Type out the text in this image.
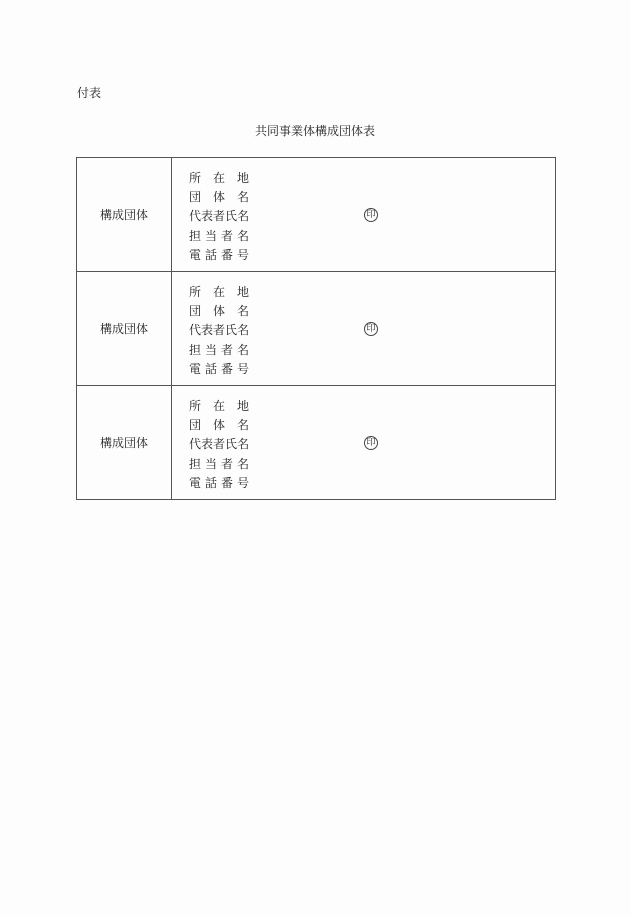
付表
共同事業体構成団体表
構成団体	
所 在 地
団 体 名
代 表 者 氏 名
担 当 者 名
電 話 番 号
印

構成団体	
所 在 地
団 体 名
代 表 者 氏 名
担 当 者 名
電 話 番 号
印

構成団体	
所 在 地
団 体 名
代 表 者 氏 名
担 当 者 名
電 話 番 号
印
